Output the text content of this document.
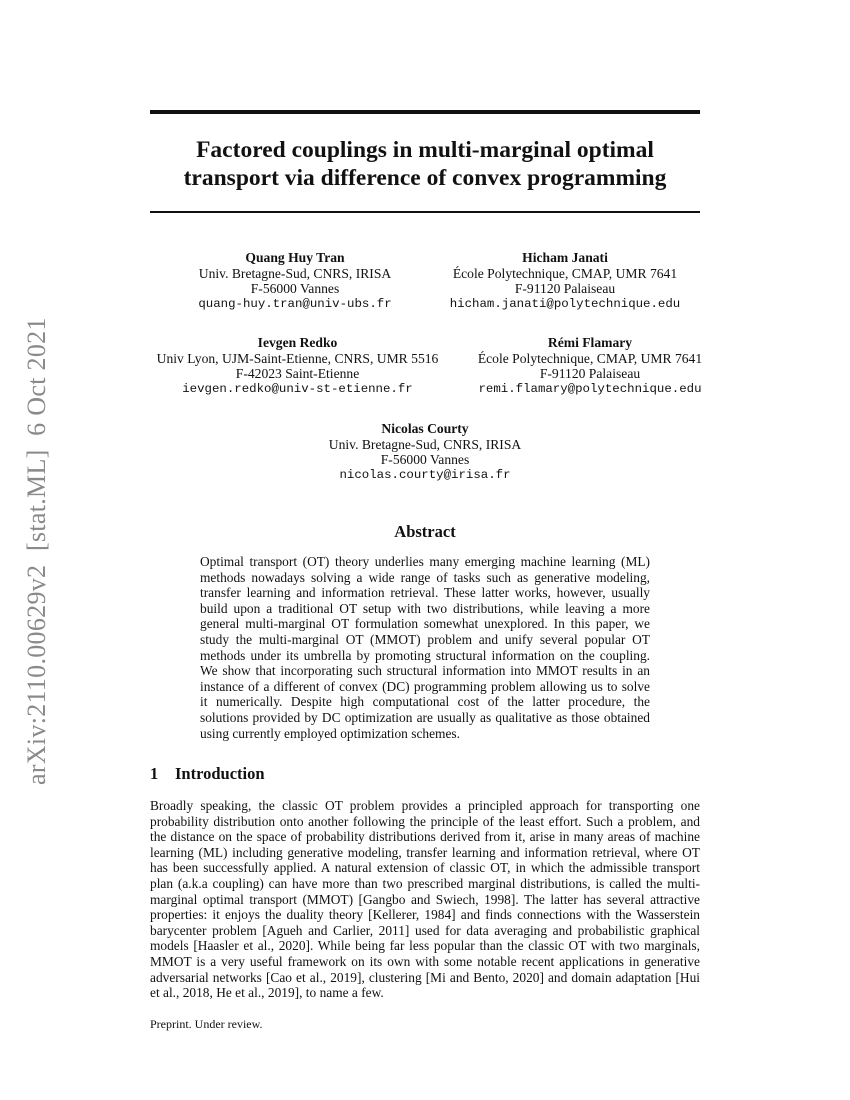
arXiv:2110.00629v2  [stat.ML]  6 Oct 2021
Factored couplings in multi-marginal optimal
transport via difference of convex programming
Quang Huy Tran
Univ. Bretagne-Sud, CNRS, IRISA
F-56000 Vannes
quang-huy.tran@univ-ubs.fr
Hicham Janati
École Polytechnique, CMAP, UMR 7641
F-91120 Palaiseau
hicham.janati@polytechnique.edu
Ievgen Redko
Univ Lyon, UJM-Saint-Etienne, CNRS, UMR 5516
F-42023 Saint-Etienne
ievgen.redko@univ-st-etienne.fr
Rémi Flamary
École Polytechnique, CMAP, UMR 7641
F-91120 Palaiseau
remi.flamary@polytechnique.edu
Nicolas Courty
Univ. Bretagne-Sud, CNRS, IRISA
F-56000 Vannes
nicolas.courty@irisa.fr
Abstract
Optimal transport (OT) theory underlies many emerging machine learning (ML) methods nowadays solving a wide range of tasks such as generative modeling, transfer learning and information retrieval. These latter works, however, usually build upon a traditional OT setup with two distributions, while leaving a more general multi-marginal OT formulation somewhat unexplored. In this paper, we study the multi-marginal OT (MMOT) problem and unify several popular OT methods under its umbrella by promoting structural information on the coupling. We show that incorporating such structural information into MMOT results in an instance of a different of convex (DC) programming problem allowing us to solve it numerically. Despite high computational cost of the latter procedure, the solutions provided by DC optimization are usually as qualitative as those obtained using currently employed optimization schemes.
1 Introduction
Broadly speaking, the classic OT problem provides a principled approach for transporting one probability distribution onto another following the principle of the least effort. Such a problem, and the distance on the space of probability distributions derived from it, arise in many areas of machine learning (ML) including generative modeling, transfer learning and information retrieval, where OT has been successfully applied. A natural extension of classic OT, in which the admissible transport plan (a.k.a coupling) can have more than two prescribed marginal distributions, is called the multi-marginal optimal transport (MMOT) [Gangbo and Swiech, 1998]. The latter has several attractive properties: it enjoys the duality theory [Kellerer, 1984] and finds connections with the Wasserstein barycenter problem [Agueh and Carlier, 2011] used for data averaging and probabilistic graphical models [Haasler et al., 2020]. While being far less popular than the classic OT with two marginals, MMOT is a very useful framework on its own with some notable recent applications in generative adversarial networks [Cao et al., 2019], clustering [Mi and Bento, 2020] and domain adaptation [Hui et al., 2018, He et al., 2019], to name a few.
Preprint. Under review.
